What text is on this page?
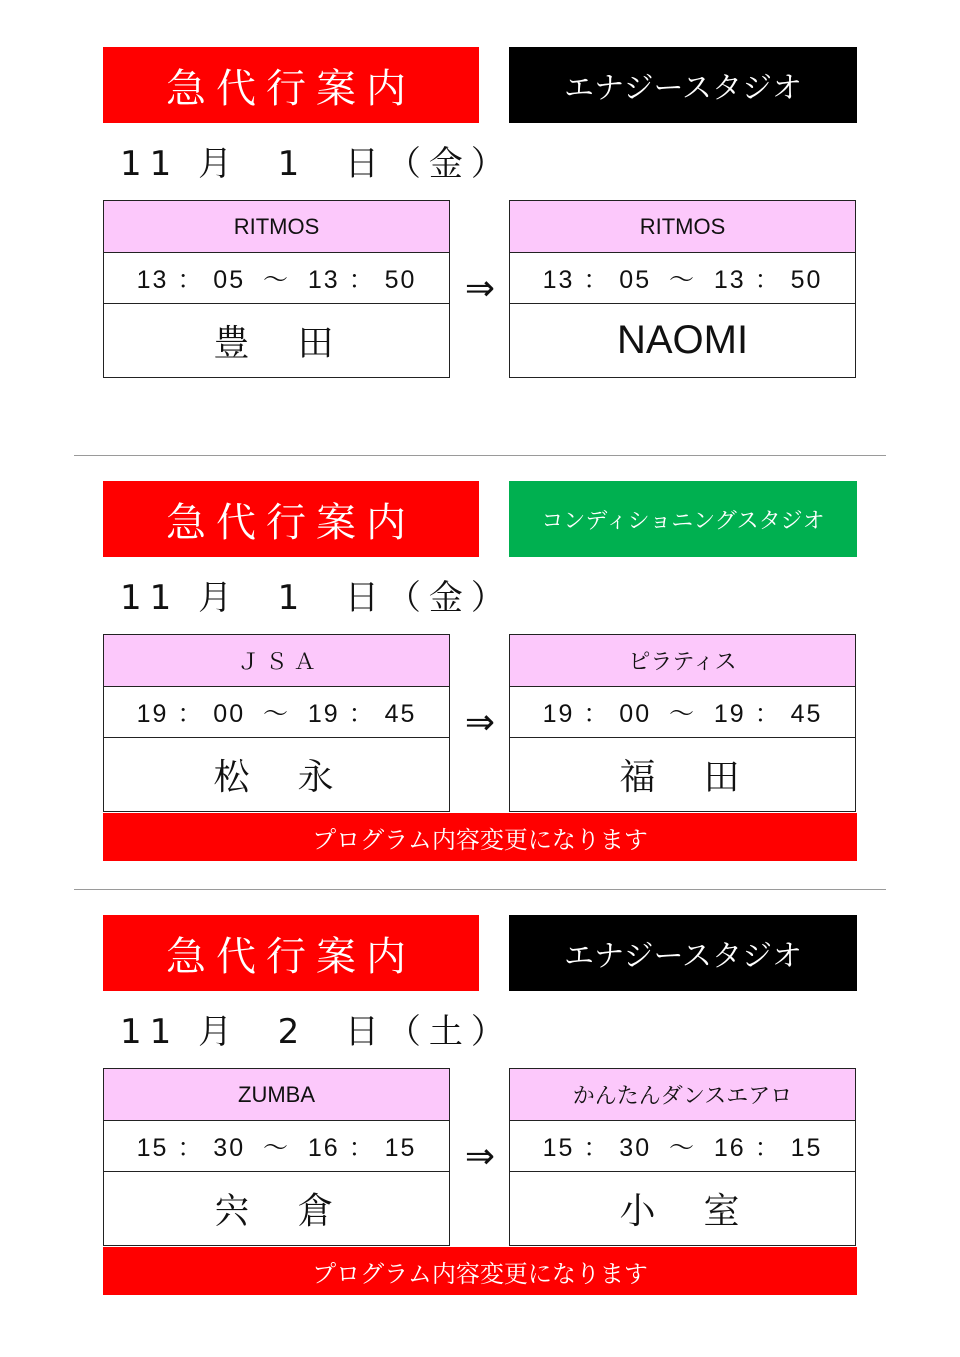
急代行案内	エナジースタジオ
11 月  1  日（金）
RITMOS
13 ： 05  ～  13 ： 50
豊　田
⇒
RITMOS
13 ： 05  ～  13 ： 50
NAOMI
急代行案内	コンディショニングスタジオ
11 月  1  日（金）
Ｊ Ｓ Ａ
19 ： 00  ～  19 ： 45
松　永
⇒
ピラティス
19 ： 00  ～  19 ： 45
福　田
プログラム内容変更になります
急代行案内	エナジースタジオ
11 月  2  日（土）
ZUMBA
15 ： 30  ～  16 ： 15
宍　倉
⇒
かんたんダンスエアロ
15 ： 30  ～  16 ： 15
小　室
プログラム内容変更になります
